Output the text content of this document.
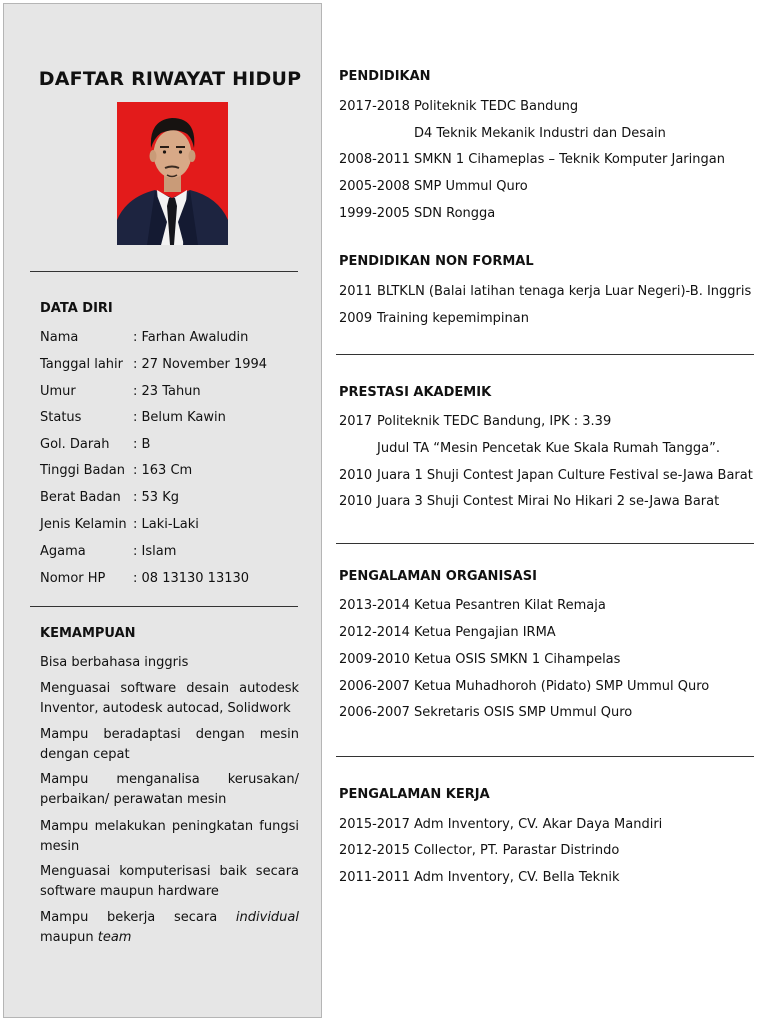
DAFTAR RIWAYAT HIDUP
DATA DIRI
Nama	: Farhan Awaludin
Tanggal lahir	: 27 November 1994
Umur	: 23 Tahun
Status	: Belum Kawin
Gol. Darah	: B
Tinggi Badan	: 163 Cm
Berat Badan	: 53 Kg
Jenis Kelamin	: Laki-Laki
Agama	: Islam
Nomor HP	: 08 13130 13130
KEMAMPUAN
Bisa berbahasa inggris
Menguasai software desain autodesk Inventor, autodesk autocad, Solidwork
Mampu beradaptasi dengan mesin dengan cepat
Mampu menganalisa kerusakan/ perbaikan/ perawatan mesin
Mampu melakukan peningkatan fungsi mesin
Menguasai komputerisasi baik secara software maupun hardware
Mampu bekerja secara individual maupun team
PENDIDIKAN
2017-2018 Politeknik TEDC Bandung
D4 Teknik Mekanik Industri dan Desain
2008-2011 SMKN 1 Cihameplas – Teknik Komputer Jaringan
2005-2008 SMP Ummul Quro
1999-2005 SDN Rongga
PENDIDIKAN NON FORMAL
2011 BLTKLN (Balai latihan tenaga kerja Luar Negeri)-B. Inggris
2009 Training kepemimpinan
PRESTASI AKADEMIK
2017 Politeknik TEDC Bandung, IPK : 3.39
Judul TA “Mesin Pencetak Kue Skala Rumah Tangga”.
2010 Juara 1 Shuji Contest Japan Culture Festival se-Jawa Barat
2010 Juara 3 Shuji Contest Mirai No Hikari 2 se-Jawa Barat
PENGALAMAN ORGANISASI
2013-2014 Ketua Pesantren Kilat Remaja
2012-2014 Ketua Pengajian IRMA
2009-2010 Ketua OSIS SMKN 1 Cihampelas
2006-2007 Ketua Muhadhoroh (Pidato) SMP Ummul Quro
2006-2007 Sekretaris OSIS SMP Ummul Quro
PENGALAMAN KERJA
2015-2017 Adm Inventory, CV. Akar Daya Mandiri
2012-2015 Collector, PT. Parastar Distrindo
2011-2011 Adm Inventory, CV. Bella Teknik
